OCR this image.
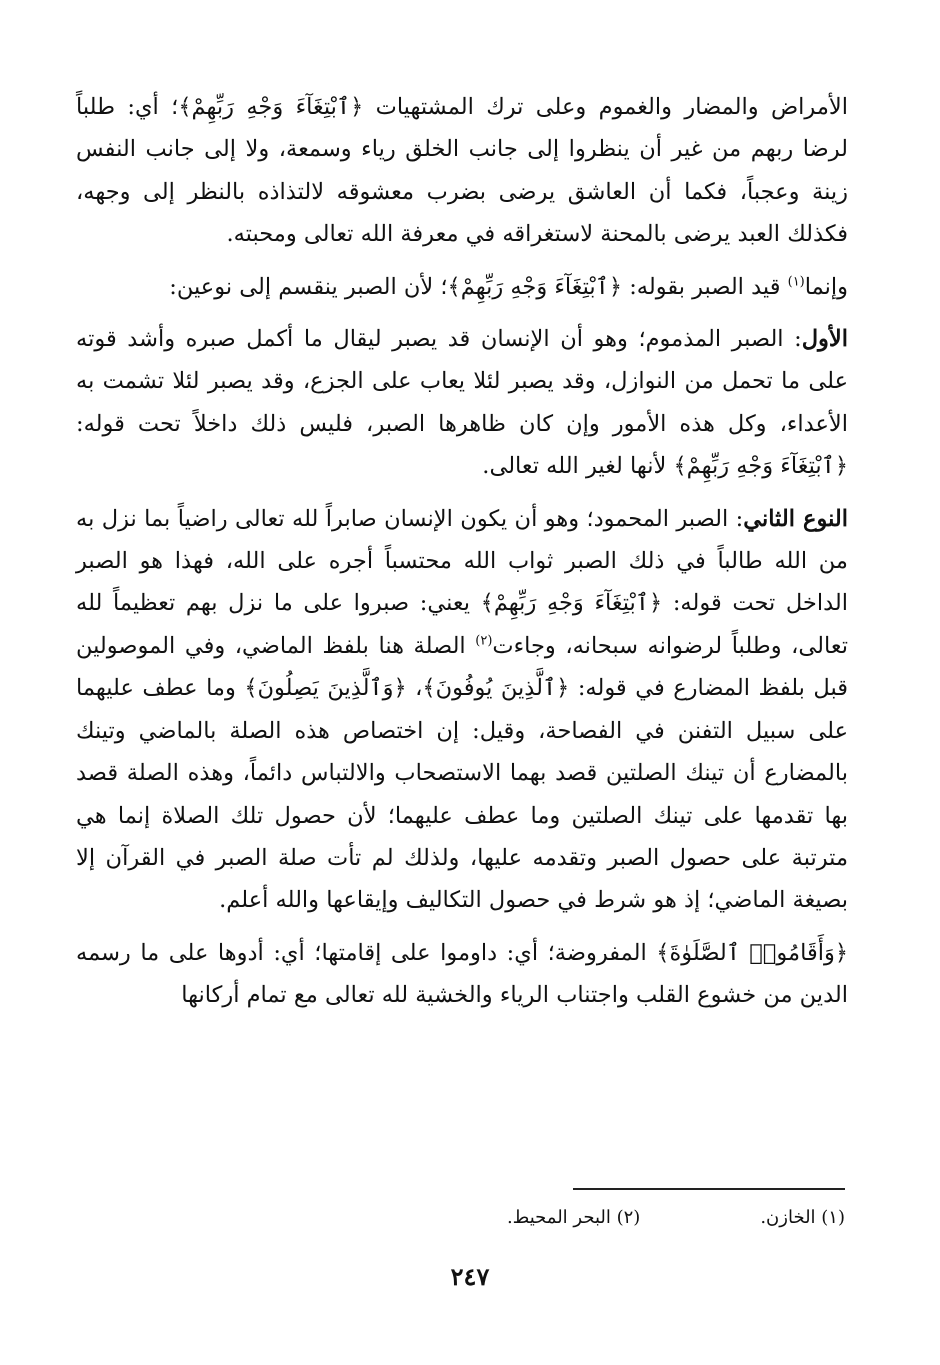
الأمراض والمضار والغموم وعلى ترك المشتهيات ﴿ٱبْتِغَآءَ وَجْهِ رَبِّهِمْ﴾؛ أي: طلباً لرضا ربهم من غير أن ينظروا إلى جانب الخلق رياء وسمعة، ولا إلى جانب النفس زينة وعجباً، فكما أن العاشق يرضى بضرب معشوقه لالتذاذه بالنظر إلى وجهه، فكذلك العبد يرضى بالمحنة لاستغراقه في معرفة الله تعالى ومحبته.

وإنما$^{(١)}$ قيد الصبر بقوله: ﴿ٱبْتِغَآءَ وَجْهِ رَبِّهِمْ﴾؛ لأن الصبر ينقسم إلى نوعين:

الأول: الصبر المذموم؛ وهو أن الإنسان قد يصبر ليقال ما أكمل صبره وأشد قوته على ما تحمل من النوازل، وقد يصبر لئلا يعاب على الجزع، وقد يصبر لئلا تشمت به الأعداء، وكل هذه الأمور وإن كان ظاهرها الصبر، فليس ذلك داخلاً تحت قوله: ﴿ٱبْتِغَآءَ وَجْهِ رَبِّهِمْ﴾ لأنها لغير الله تعالى.

النوع الثاني: الصبر المحمود؛ وهو أن يكون الإنسان صابراً لله تعالى راضياً بما نزل به من الله طالباً في ذلك الصبر ثواب الله محتسباً أجره على الله، فهذا هو الصبر الداخل تحت قوله: ﴿ٱبْتِغَآءَ وَجْهِ رَبِّهِمْ﴾ يعني: صبروا على ما نزل بهم تعظيماً لله تعالى، وطلباً لرضوانه سبحانه، وجاءت$^{(٢)}$ الصلة هنا بلفظ الماضي، وفي الموصولين قبل بلفظ المضارع في قوله: ﴿ٱلَّذِينَ يُوفُونَ﴾، ﴿وَٱلَّذِينَ يَصِلُونَ﴾ وما عطف عليهما على سبيل التفنن في الفصاحة، وقيل: إن اختصاص هذه الصلة بالماضي وتينك بالمضارع أن تينك الصلتين قصد بهما الاستصحاب والالتباس دائماً، وهذه الصلة قصد بها تقدمها على تينك الصلتين وما عطف عليهما؛ لأن حصول تلك الصلاة إنما هي مترتبة على حصول الصبر وتقدمه عليها، ولذلك لم تأت صلة الصبر في القرآن إلا بصيغة الماضي؛ إذ هو شرط في حصول التكاليف وإيقاعها والله أعلم.

﴿وَأَقَامُوا۟ ٱلصَّلَوٰةَ﴾ المفروضة؛ أي: داوموا على إقامتها؛ أي: أدوها على ما رسمه الدين من خشوع القلب واجتناب الرياء والخشية لله تعالى مع تمام أركانها

(١) الخازن.(٢) البحر المحيط.
٢٤٧
